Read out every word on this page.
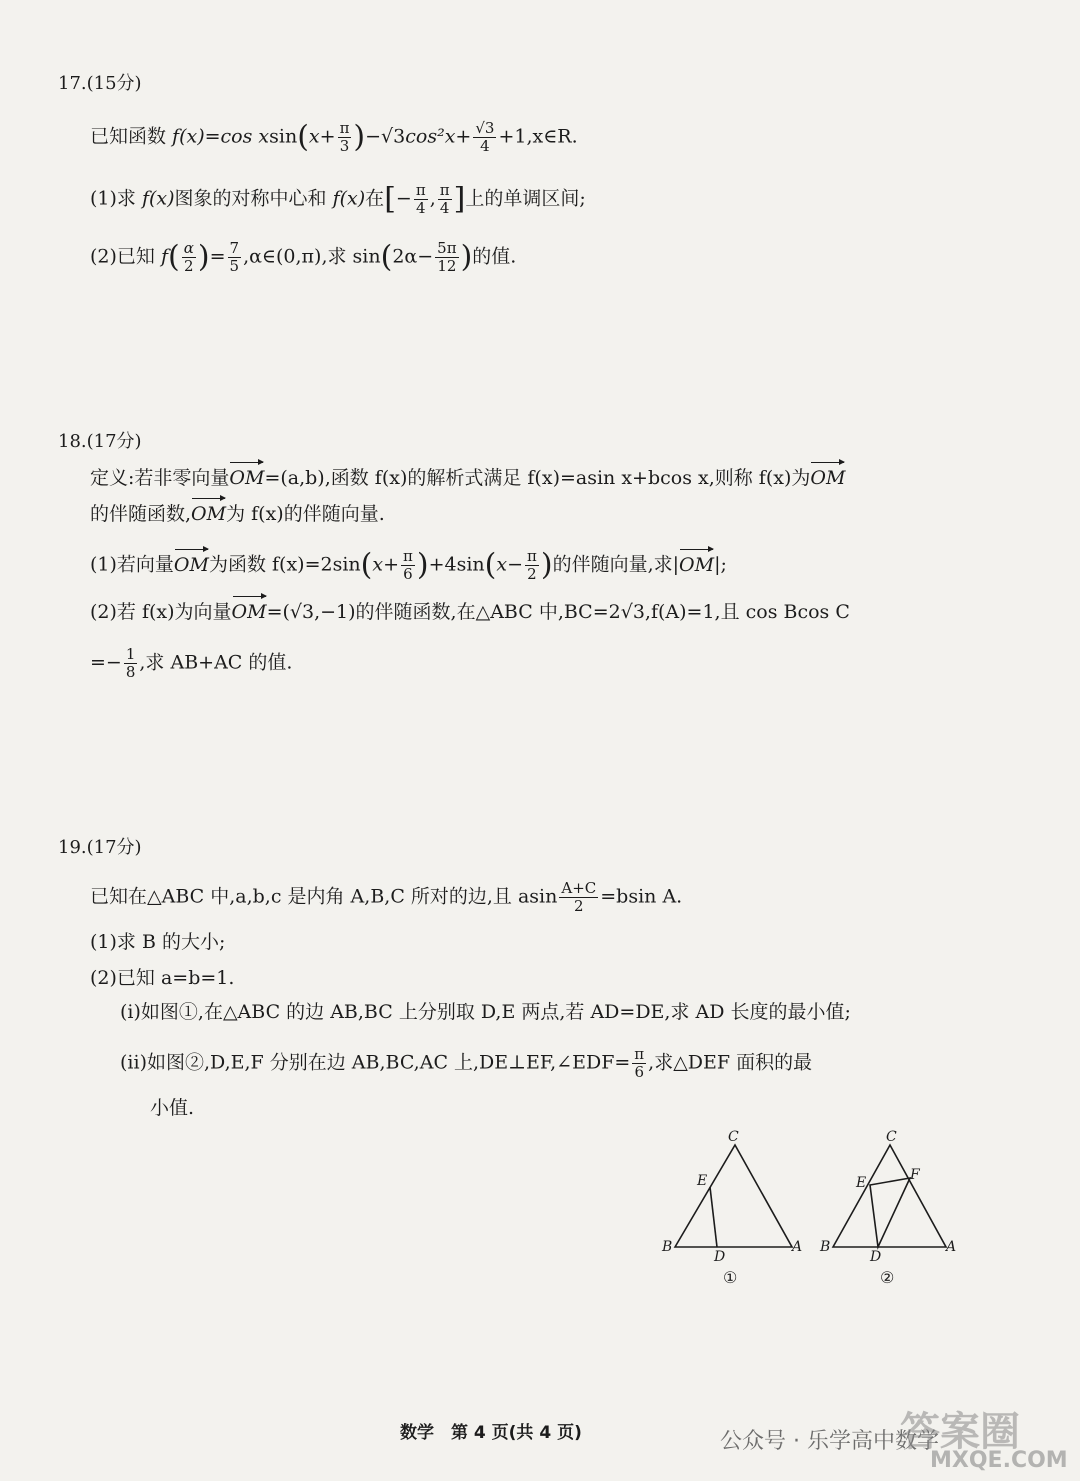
17.(15分)
已知函数 f(x)=cos $xsin(x+ \frac{\pi}{3} )-√3\cos^2x+ \frac{√3}{4}$ +1,x∈R.
(1)求 f(x)图象的对称中心和 f(x)在[− $\frac{\pi}{4}$ , $\frac{\pi}{4}$ ]上的单调区间;
(2)已知 $f( \frac{\alpha}{2}$ )= $\frac{7}{5}$ ,α∈(0,π),求 $\sin(2\alpha- \frac{5\pi}{12}$ )的值.
18.(17分)
定义:若非零向量OM=(a,b),函数 f(x)的解析式满足 f(x)=asin x+bcos x,则称 f(x)为OM
的伴随函数,OM为 f(x)的伴随向量.
(1)若向量OM为函数 $f(x)=2\sin(x+ \frac{\pi}{6} )+4\sin(x- \frac{\pi}{2}$ )的伴随向量,求|OM|;
(2)若 f(x)为向量OM=(√3,−1)的伴随函数,在△ABC 中,BC=2√3,f(A)=1,且 cos Bcos C
=− $\frac{1}{8}$ ,求 AB+AC 的值.
19.(17分)
已知在△ABC 中,a,b,c 是内角 A,B,C 所对的边,且 asin $\frac{A+C}{2} =bsin$ A.
(1)求 B 的大小;
(2)已知 a=b=1.
(i)如图①,在△ABC 的边 AB,BC 上分别取 D,E 两点,若 AD=DE,求 AD 长度的最小值;
(ii)如图②,D,E,F 分别在边 AB,BC,AC 上,DE⊥EF,∠EDF= $\frac{\pi}{6}$ ,求△DEF 面积的最
小值.
C
E
B
D
A
①
C
E	F
B
D
A
②
数学　第 4 页(共 4 页)	公众号 · 乐学高中数学
答案圈
MXQE.COM
